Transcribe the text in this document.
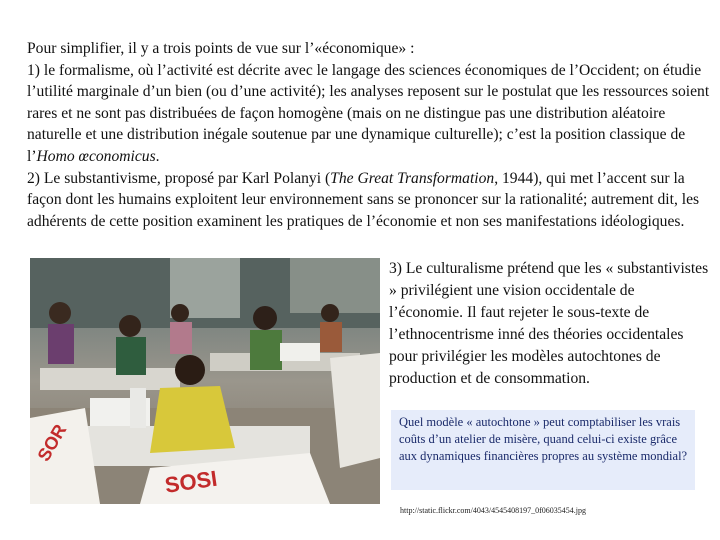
Pour simplifier, il y a trois points de vue sur l’«économique» :

1) le formalisme, où l’activité est décrite avec le langage des sciences économiques de l’Occident; on étudie l’utilité marginale d’un bien (ou d’une activité); les analyses reposent sur le postulat que les ressources soient rares et ne sont pas distribuées de façon homogène (mais on ne distingue pas une distribution aléatoire naturelle et une distribution inégale soutenue par une dynamique culturelle); c’est la position classique de l’Homo œconomicus.

2) Le substantivisme, proposé par Karl Polanyi (The Great Transformation, 1944), qui met l’accent sur la façon dont les humains exploitent leur environnement sans se prononcer sur la rationalité; autrement dit, les adhérents de cette position examinent les pratiques de l’économie et non ses manifestations idéologiques.

SOR
SOSI

3) Le culturalisme prétend que les « substantivistes » privilégient une vision occidentale de l’économie. Il faut rejeter le sous-texte de l’ethnocentrisme inné des théories occidentales pour privilégier les modèles autochtones de production et de consommation.

Quel modèle « autochtone » peut comptabiliser les vrais coûts d’un atelier de misère, quand celui-ci existe grâce aux dynamiques financières propres au système mondial?
http://static.flickr.com/4043/4545408197_0f06035454.jpg
